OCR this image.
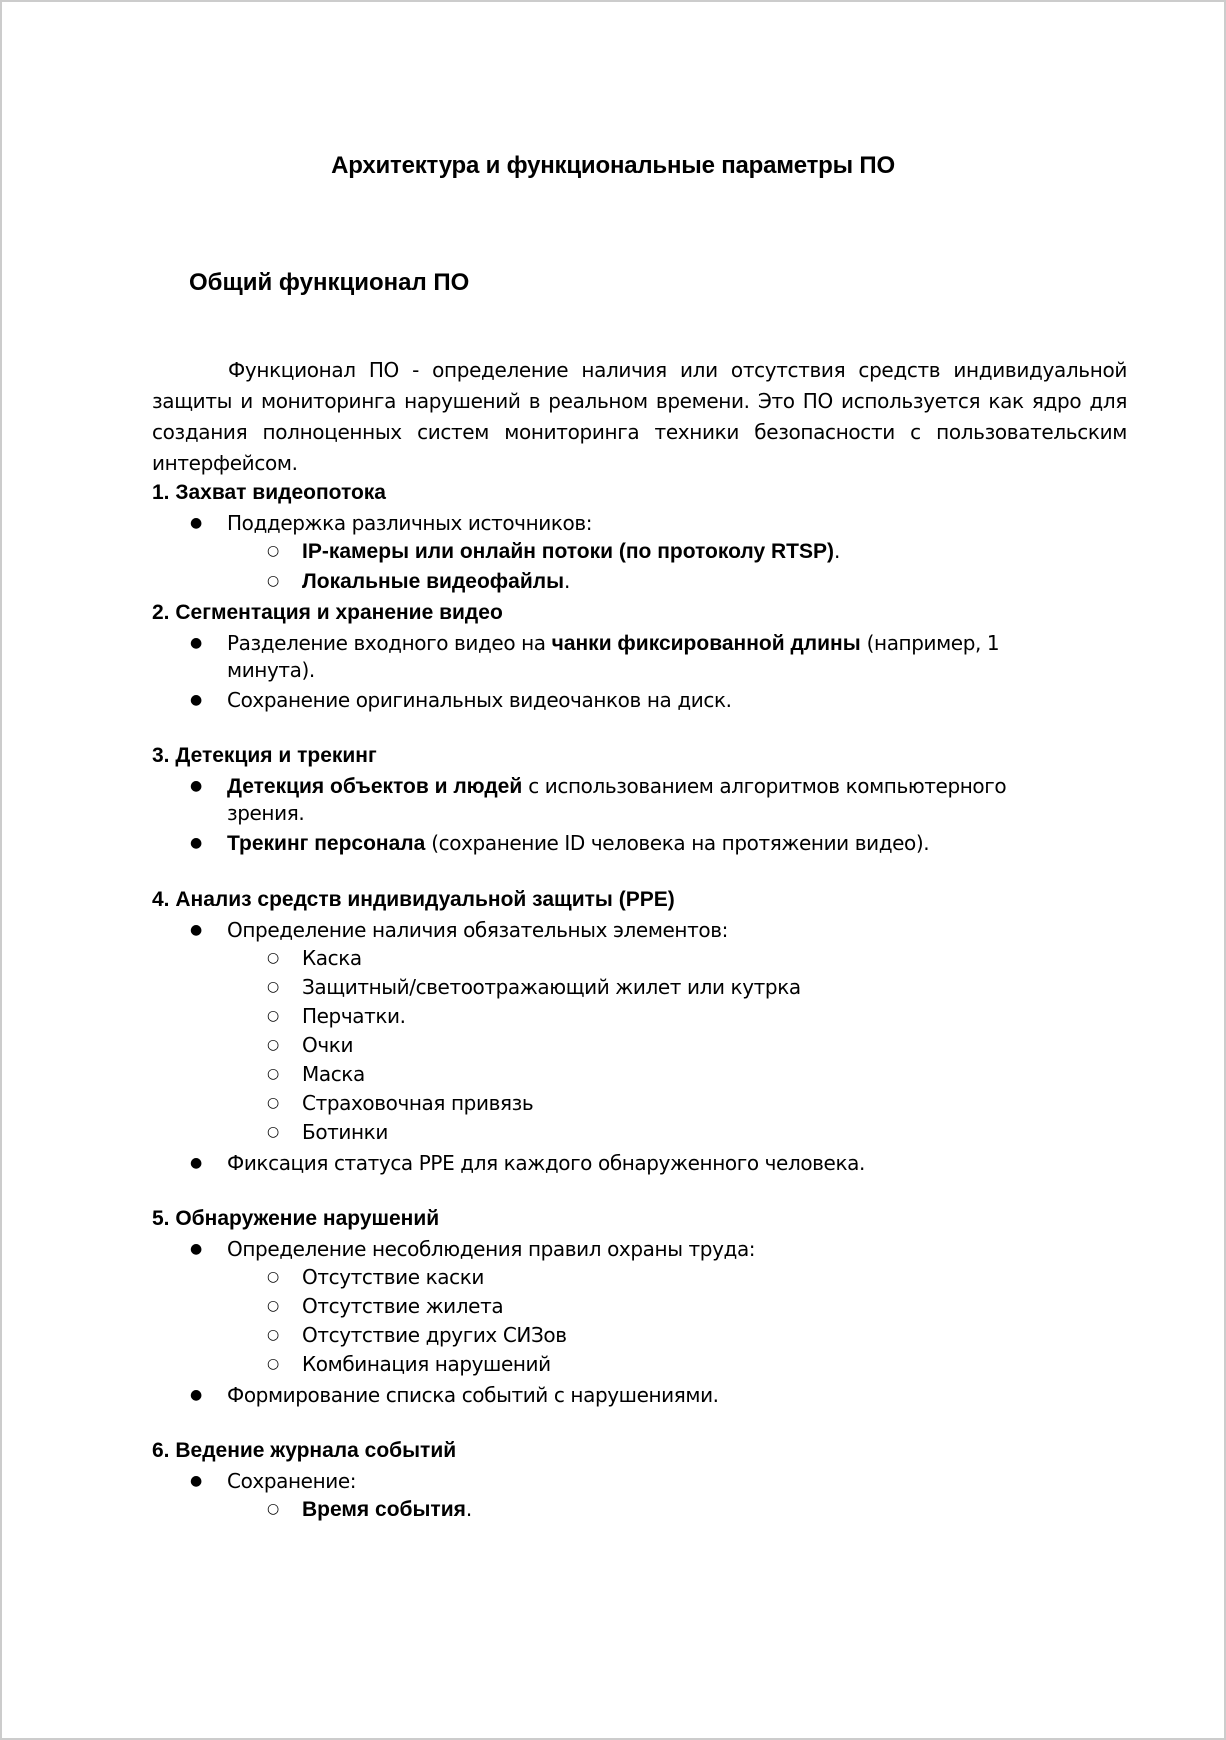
Архитектура и функциональные параметры ПО
Общий функционал ПО
Функционал ПО - определение наличия или отсутствия средств индивидуальной защиты и мониторинга нарушений в реальном времени. Это ПО используется как ядро для создания полноценных систем мониторинга техники безопасности с пользовательским интерфейсом.
1. Захват видеопотока
● Поддержка различных источников:
○ IP-камеры или онлайн потоки (по протоколу RTSP).
○ Локальные видеофайлы.
2. Сегментация и хранение видео
● Разделение входного видео на чанки фиксированной длины (например, 1 минута).
● Сохранение оригинальных видеочанков на диск.
3. Детекция и трекинг
● Детекция объектов и людей с использованием алгоритмов компьютерного зрения.
● Трекинг персонала (сохранение ID человека на протяжении видео).
4. Анализ средств индивидуальной защиты (PPE)
● Определение наличия обязательных элементов:
○ Каска
○ Защитный/светоотражающий жилет или кутрка
○ Перчатки.
○ Очки
○ Маска
○ Страховочная привязь
○ Ботинки
● Фиксация статуса PPE для каждого обнаруженного человека.
5. Обнаружение нарушений
● Определение несоблюдения правил охраны труда:
○ Отсутствие каски
○ Отсутствие жилета
○ Отсутствие других СИЗов
○ Комбинация нарушений
● Формирование списка событий с нарушениями.
6. Ведение журнала событий
● Сохранение:
○ Время события.
